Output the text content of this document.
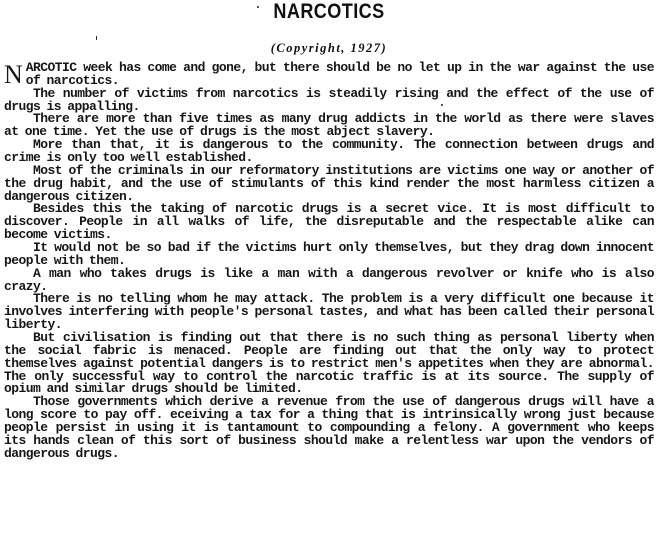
NARCOTICS
(Copyright, 1927)

NARCOTIC week has come and gone, but there should be no let up in the war against the use of narcotics.

The number of victims from narcotics is steadily rising and the effect of the use of drugs is appalling.

There are more than five times as many drug addicts in the world as there were slaves at one time. Yet the use of drugs is the most abject slavery.

More than that, it is dangerous to the community. The connection between drugs and crime is only too well established.

Most of the criminals in our reformatory institutions are victims one way or another of the drug habit, and the use of stimulants of this kind render the most harmless citizen a dangerous citizen.

Besides this the taking of narcotic drugs is a secret vice. It is most difficult to discover. People in all walks of life, the disreputable and the respectable alike can become victims.

It would not be so bad if the victims hurt only themselves, but they drag down innocent people with them.

A man who takes drugs is like a man with a dangerous revolver or knife who is also crazy.

There is no telling whom he may attack. The problem is a very difficult one because it involves interfering with people's personal tastes, and what has been called their personal liberty.

But civilisation is finding out that there is no such thing as personal liberty when the social fabric is menaced. People are finding out that the only way to protect themselves against potential dangers is to restrict men's appetites when they are abnormal. The only successful way to control the narcotic traffic is at its source. The supply of opium and similar drugs should be limited.

Those governments which derive a revenue from the use of dangerous drugs will have a long score to pay off. eceiving a tax for a thing that is intrinsically wrong just because people persist in using it is tantamount to compounding a felony. A government who keeps its hands clean of this sort of business should make a relentless war upon the vendors of dangerous drugs.
